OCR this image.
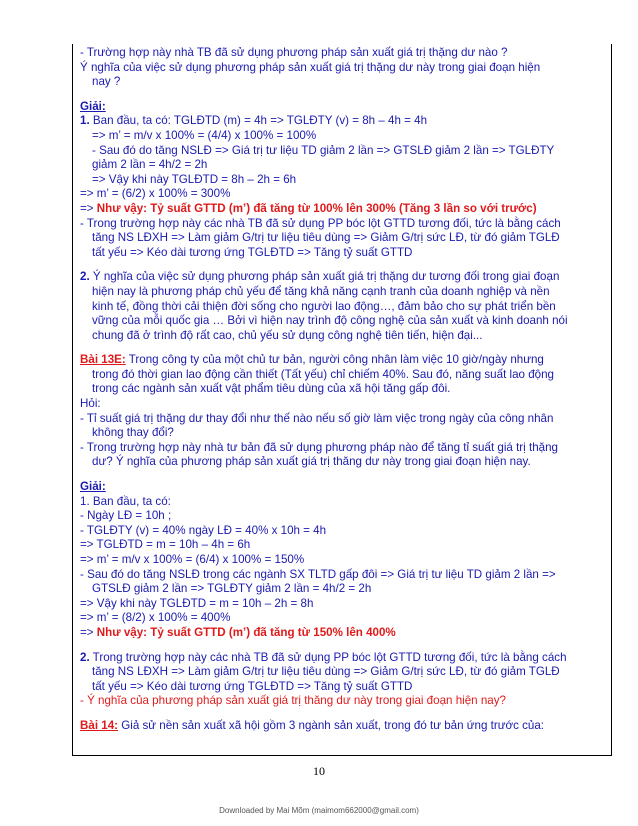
- Trường hợp này nhà TB đã sử dụng phương pháp sản xuất giá trị thặng dư nào ?
Ý nghĩa của việc sử dụng phương pháp sản xuất giá trị thặng dư này trong giai đoạn hiện
nay ?
Giải:
1. Ban đầu, ta có: TGLĐTD (m) = 4h => TGLĐTY (v) = 8h – 4h = 4h
=> m’ = m/v x 100% = (4/4) x 100% = 100%
- Sau đó do tăng NSLĐ => Giá trị tư liệu TD giảm 2 lần => GTSLĐ giảm 2 lần => TGLĐTY
giảm 2 lần = 4h/2 = 2h
=> Vậy khi này TGLĐTD = 8h – 2h = 6h
=> m’ = (6/2) x 100% = 300%
=> Như vậy: Tỷ suất GTTD (m’) đã tăng từ 100% lên 300% (Tăng 3 lần so với trước)
- Trong trường hợp này các nhà TB đã sử dụng PP bóc lột GTTD tương đối, tức là bằng cách
tăng NS LĐXH => Làm giảm G/trị tư liệu tiêu dùng => Giảm G/trị sức LĐ, từ đó giảm TGLĐ
tất yếu => Kéo dài tương ứng TGLĐTD => Tăng tỷ suất GTTD
2. Ý nghĩa của việc sử dụng phương pháp sản xuất giá trị thặng dư tương đối trong giai đoạn
hiện nay là phương pháp chủ yếu để tăng khả năng cạnh tranh của doanh nghiệp và nền
kinh tế, đồng thời cải thiện đời sống cho người lao động…, đảm bảo cho sự phát triển bền
vững của mỗi quốc gia … Bởi vì hiện nay trình độ công nghệ của sản xuất và kinh doanh nói
chung đã ở trình độ rất cao, chủ yếu sử dụng công nghệ tiên tiến, hiện đại...
Bài 13E: Trong công ty của một chủ tư bản, người công nhân làm việc 10 giờ/ngày nhưng
trong đó thời gian lao động cần thiết (Tất yếu) chỉ chiếm 40%. Sau đó, năng suất lao động
trong các ngành sản xuất vật phẩm tiêu dùng của xã hội tăng gấp đôi.
Hỏi:
- Tỉ suất giá trị thặng dư thay đổi như thế nào nếu số giờ làm việc trong ngày của công nhân
không thay đổi?
- Trong trường hợp này nhà tư bản đã sử dụng phương pháp nào để tăng tỉ suất giá trị thặng
dư? Ý nghĩa của phương pháp sản xuất giá trị thăng dư này trong giai đoạn hiện nay.
Giải:
1. Ban đầu, ta có:
- Ngày LĐ = 10h ;
- TGLĐTY (v) = 40% ngày LĐ = 40% x 10h = 4h
=> TGLĐTD = m = 10h – 4h = 6h
=> m’ = m/v x 100% = (6/4) x 100% = 150%
- Sau đó do tăng NSLĐ trong các ngành SX TLTD gấp đôi => Giá trị tư liệu TD giảm 2 lần =>
GTSLĐ giảm 2 lần => TGLĐTY giảm 2 lần = 4h/2 = 2h
=> Vậy khi này TGLĐTD = m = 10h – 2h = 8h
=> m’ = (8/2) x 100% = 400%
=> Như vậy: Tỷ suất GTTD (m’) đã tăng từ 150% lên 400%
2. Trong trường hợp này các nhà TB đã sử dụng PP bóc lột GTTD tương đối, tức là bằng cách
tăng NS LĐXH => Làm giảm G/trị tư liệu tiêu dùng => Giảm G/trị sức LĐ, từ đó giảm TGLĐ
tất yếu => Kéo dài tương ứng TGLĐTD => Tăng tỷ suất GTTD
- Ý nghĩa của phương pháp sản xuất giá trị thăng dư này trong giai đoạn hiện nay?
Bài 14: Giả sử nền sản xuất xã hội gồm 3 ngành sản xuất, trong đó tư bản ứng trước của:
10
Downloaded by Mai Mõm (maimom662000@gmail.com)
